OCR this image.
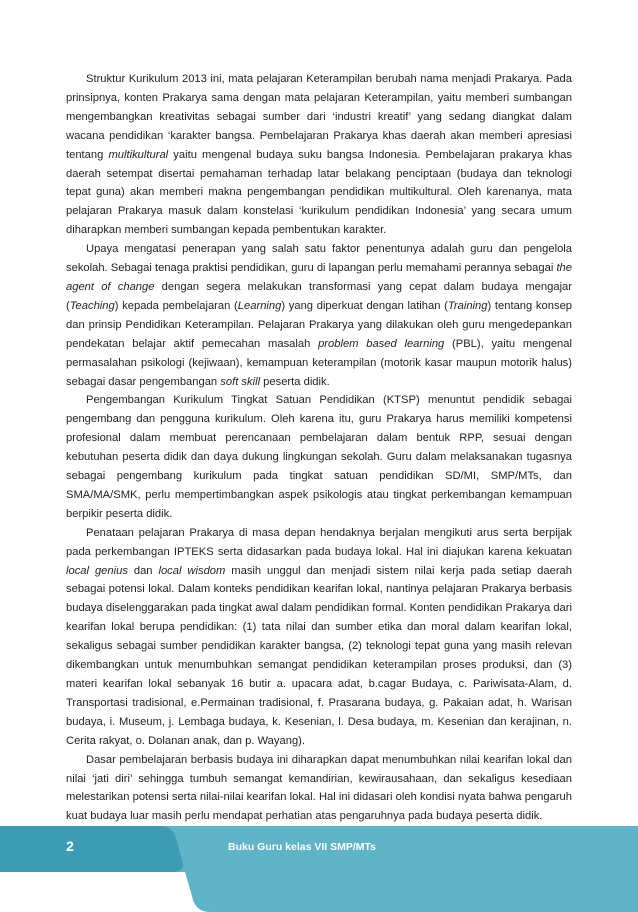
Struktur Kurikulum 2013 ini, mata pelajaran Keterampilan berubah nama menjadi Prakarya. Pada prinsipnya, konten Prakarya sama dengan mata pelajaran Keterampilan, yaitu memberi sumbangan mengembangkan kreativitas sebagai sumber dari ‘industri kreatif’ yang sedang diangkat dalam wacana pendidikan ‘karakter bangsa. Pembelajaran Prakarya khas daerah akan memberi apresiasi tentang multikultural yaitu mengenal budaya suku bangsa Indonesia. Pembelajaran prakarya khas daerah setempat disertai pemahaman terhadap latar belakang penciptaan (budaya dan teknologi tepat guna) akan memberi makna pengembangan pendidikan multikultural. Oleh karenanya, mata pelajaran Prakarya masuk dalam konstelasi ‘kurikulum pendidikan Indonesia’ yang secara umum diharapkan memberi sumbangan kepada pembentukan karakter.

Upaya mengatasi penerapan yang salah satu faktor penentunya adalah guru dan pengelola sekolah. Sebagai tenaga praktisi pendidikan, guru di lapangan perlu memahami perannya sebagai the agent of change dengan segera melakukan transformasi yang cepat dalam budaya mengajar (Teaching) kepada pembelajaran (Learning) yang diperkuat dengan latihan (Training) tentang konsep dan prinsip Pendidikan Keterampilan. Pelajaran Prakarya yang dilakukan oleh guru mengedepankan pendekatan belajar aktif pemecahan masalah problem based learning (PBL), yaitu mengenal permasalahan psikologi (kejiwaan), kemampuan keterampilan (motorik kasar maupun motorik halus) sebagai dasar pengembangan soft skill peserta didik.

Pengembangan Kurikulum Tingkat Satuan Pendidikan (KTSP) menuntut pendidik sebagai pengembang dan pengguna kurikulum. Oleh karena itu, guru Prakarya harus memiliki kompetensi profesional dalam membuat perencanaan pembelajaran dalam bentuk RPP, sesuai dengan kebutuhan peserta didik dan daya dukung lingkungan sekolah. Guru dalam melaksanakan tugasnya sebagai pengembang kurikulum pada tingkat satuan pendidikan SD/MI, SMP/MTs, dan SMA/MA/SMK, perlu mempertimbangkan aspek psikologis atau tingkat perkembangan kemampuan berpikir peserta didik.

Penataan pelajaran Prakarya di masa depan hendaknya berjalan mengikuti arus serta berpijak pada perkembangan IPTEKS serta didasarkan pada budaya lokal. Hal ini diajukan karena kekuatan local genius dan local wisdom masih unggul dan menjadi sistem nilai kerja pada setiap daerah sebagai potensi lokal. Dalam konteks pendidikan kearifan lokal, nantinya pelajaran Prakarya berbasis budaya diselenggarakan pada tingkat awal dalam pendidikan formal. Konten pendidikan Prakarya dari kearifan lokal berupa pendidikan: (1) tata nilai dan sumber etika dan moral dalam kearifan lokal, sekaligus sebagai sumber pendidikan karakter bangsa, (2) teknologi tepat guna yang masih relevan dikembangkan untuk menumbuhkan semangat pendidikan keterampilan proses produksi, dan (3) materi kearifan lokal sebanyak 16 butir a. upacara adat, b.cagar Budaya, c. Pariwisata-Alam, d. Transportasi tradisional, e.Permainan tradisional, f. Prasarana budaya, g. Pakaian adat, h. Warisan budaya, i. Museum, j. Lembaga budaya, k. Kesenian, l. Desa budaya, m. Kesenian dan kerajinan, n. Cerita rakyat, o. Dolanan anak, dan p. Wayang).

Dasar pembelajaran berbasis budaya ini diharapkan dapat menumbuhkan nilai kearifan lokal dan nilai ‘jati diri’ sehingga tumbuh semangat kemandirian, kewirausahaan, dan sekaligus kesediaan melestarikan potensi serta nilai-nilai kearifan lokal. Hal ini didasari oleh kondisi nyata bahwa pengaruh kuat budaya luar masih perlu mendapat perhatian atas pengaruhnya pada budaya peserta didik.

2	Buku Guru kelas VII SMP/MTs
